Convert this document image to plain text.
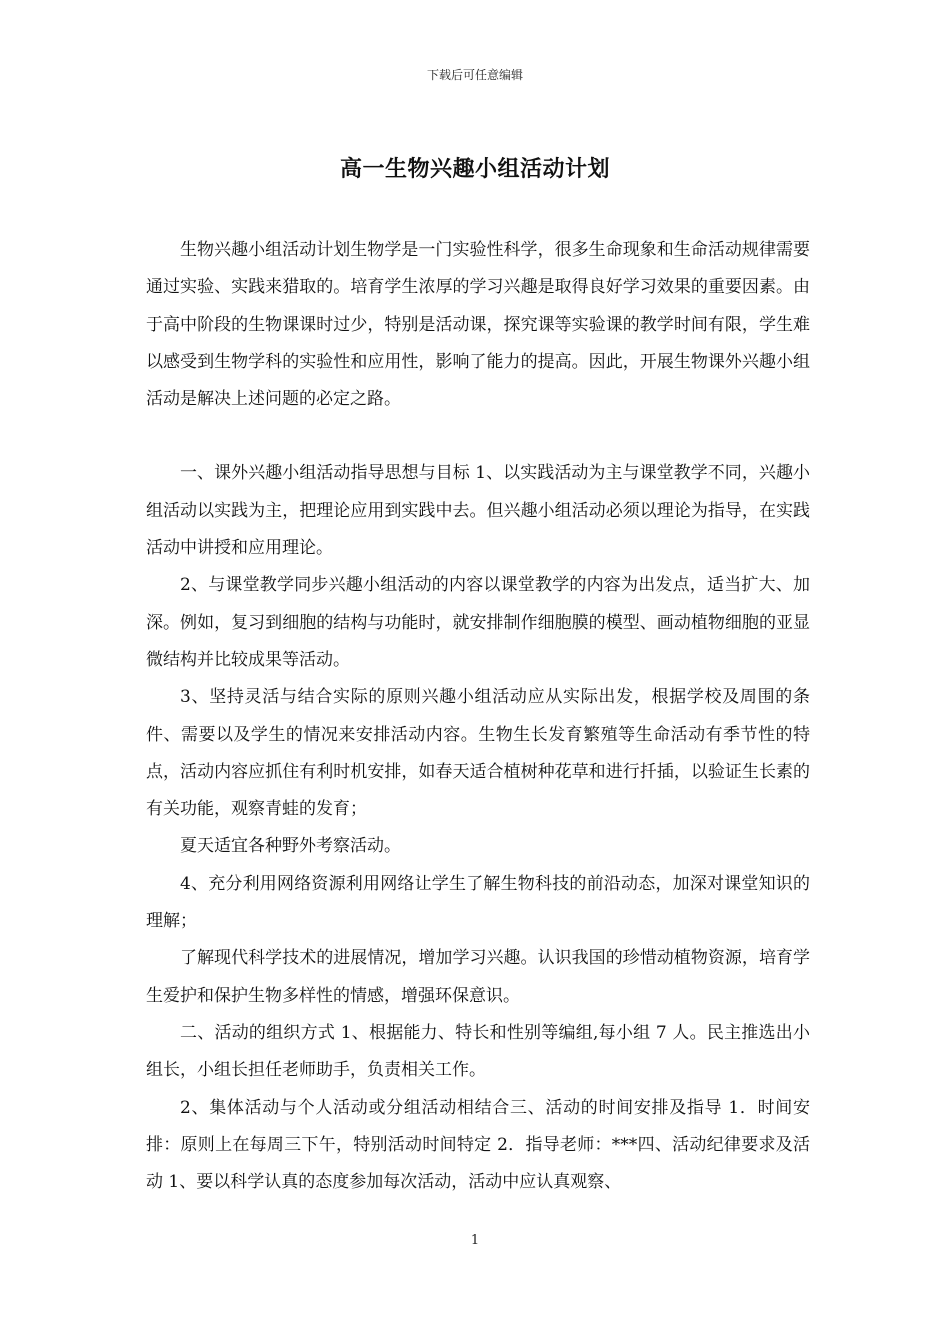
下载后可任意编辑
高一生物兴趣小组活动计划

生物兴趣小组活动计划生物学是一门实验性科学，很多生命现象和生命活动规律需要通过实验、实践来猎取的。培育学生浓厚的学习兴趣是取得良好学习效果的重要因素。由于高中阶段的生物课课时过少，特别是活动课，探究课等实验课的教学时间有限，学生难以感受到生物学科的实验性和应用性，影响了能力的提高。因此，开展生物课外兴趣小组活动是解决上述问题的必定之路。

一、课外兴趣小组活动指导思想与目标 1、以实践活动为主与课堂教学不同，兴趣小组活动以实践为主，把理论应用到实践中去。但兴趣小组活动必须以理论为指导，在实践活动中讲授和应用理论。

2、与课堂教学同步兴趣小组活动的内容以课堂教学的内容为出发点，适当扩大、加深。例如，复习到细胞的结构与功能时，就安排制作细胞膜的模型、画动植物细胞的亚显微结构并比较成果等活动。

3、坚持灵活与结合实际的原则兴趣小组活动应从实际出发，根据学校及周围的条件、需要以及学生的情况来安排活动内容。生物生长发育繁殖等生命活动有季节性的特点，活动内容应抓住有利时机安排，如春天适合植树种花草和进行扦插，以验证生长素的有关功能，观察青蛙的发育；

夏天适宜各种野外考察活动。

4、充分利用网络资源利用网络让学生了解生物科技的前沿动态，加深对课堂知识的理解；

了解现代科学技术的进展情况，增加学习兴趣。认识我国的珍惜动植物资源，培育学生爱护和保护生物多样性的情感，增强环保意识。

二、活动的组织方式 1、根据能力、特长和性别等编组,每小组 7 人。民主推选出小组长，小组长担任老师助手，负责相关工作。

2、集体活动与个人活动或分组活动相结合三、活动的时间安排及指导 1．时间安排：原则上在每周三下午，特别活动时间特定 2．指导老师：***四、活动纪律要求及活动 1、要以科学认真的态度参加每次活动，活动中应认真观察、

1
